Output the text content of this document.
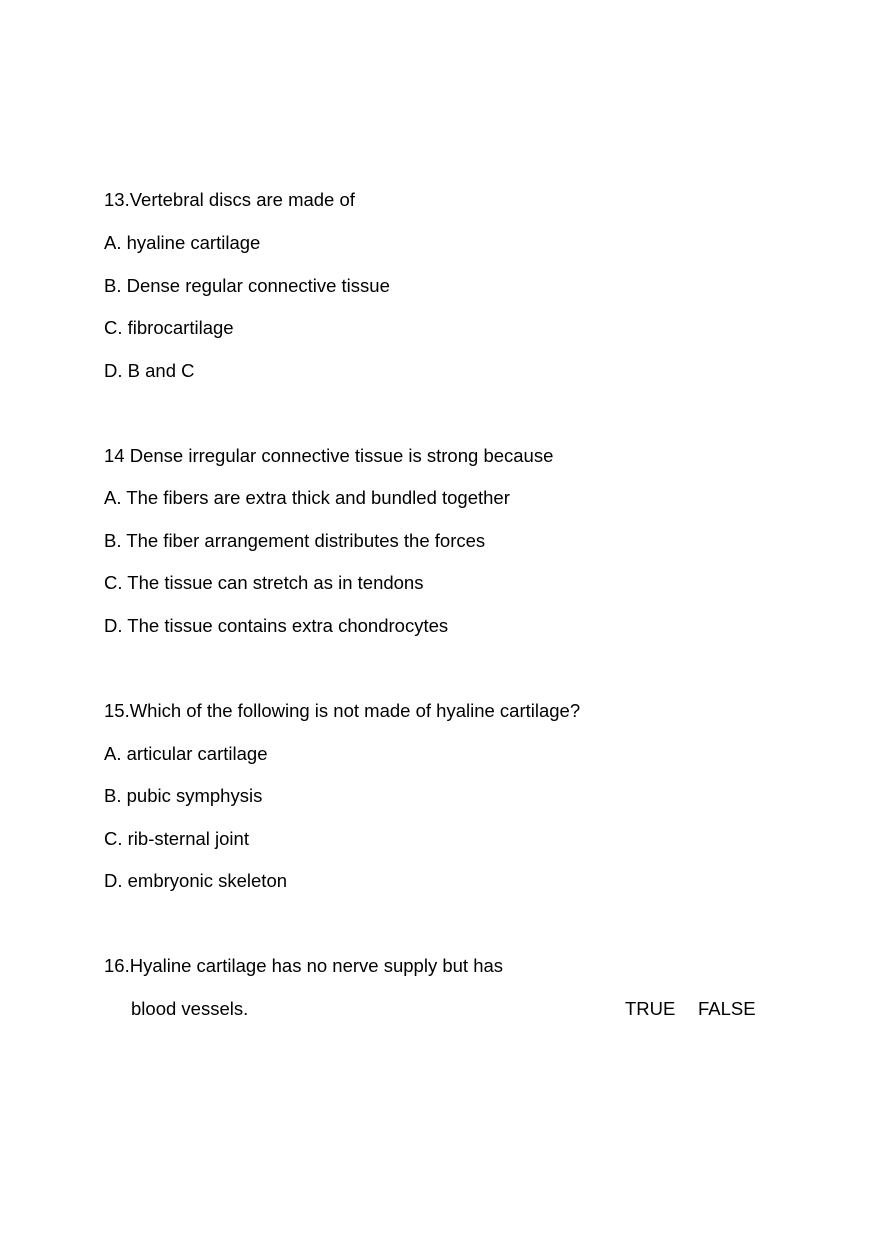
13.Vertebral discs are made of
A. hyaline cartilage
B. Dense regular connective tissue
C. fibrocartilage
D. B and C
14 Dense irregular connective tissue is strong because
A. The fibers are extra thick and bundled together
B. The fiber arrangement distributes the forces
C. The tissue can stretch as in tendons
D. The tissue contains extra chondrocytes
15.Which of the following is not made of hyaline cartilage?
A. articular cartilage
B. pubic symphysis
C. rib-sternal joint
D. embryonic skeleton
16.Hyaline cartilage has no nerve supply but has
blood vessels.	TRUE FALSE
